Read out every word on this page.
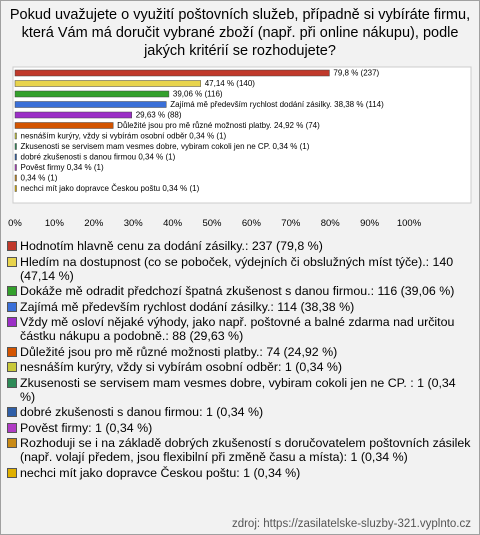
Pokud uvažujete o využití poštovních služeb, případně si vybíráte firmu, která Vám má doručit vybrané zboží (např. při online nákupu), podle jakých kritérií se rozhodujete?
79,8 % (237)
47,14 % (140)
39,06 % (116)
Zajímá mě především rychlost dodání zásilky. 38,38 % (114)
29,63 % (88)
Důležité jsou pro mě různé možnosti platby. 24,92 % (74)
nesnáším kurýry, vždy si vybírám osobní odběr 0,34 % (1)
Zkusenosti se servisem mam vesmes dobre, vybiram cokoli jen ne CP. 0,34 % (1)
dobré zkušenosti s danou firmou 0,34 % (1)
Pověst firmy 0,34 % (1)
0,34 % (1)
nechci mít jako dopravce Českou poštu 0,34 % (1)
0% 10% 20% 30% 40% 50% 60% 70% 80% 90% 100%
Hodnotím hlavně cenu za dodání zásilky.: 237 (79,8 %)
Hledím na dostupnost (co se poboček, výdejních či obslužných míst týče).: 140 (47,14 %)
Dokáže mě odradit předchozí špatná zkušenost s danou firmou.: 116 (39,06 %)
Zajímá mě především rychlost dodání zásilky.: 114 (38,38 %)
Vždy mě osloví nějaké výhody, jako např. poštovné a balné zdarma nad určitou částku nákupu a podobně.: 88 (29,63 %)
Důležité jsou pro mě různé možnosti platby.: 74 (24,92 %)
nesnáším kurýry, vždy si vybírám osobní odběr: 1 (0,34 %)
Zkusenosti se servisem mam vesmes dobre, vybiram cokoli jen ne CP. : 1 (0,34 %)
dobré zkušenosti s danou firmou: 1 (0,34 %)
Pověst firmy: 1 (0,34 %)
Rozhoduji se i na základě dobrých zkušeností s doručovatelem poštovních zásilek (např. volají předem, jsou flexibilní při změně času a místa): 1 (0,34 %)
nechci mít jako dopravce Českou poštu: 1 (0,34 %)
zdroj: https://zasilatelske-sluzby-321.vyplnto.cz
